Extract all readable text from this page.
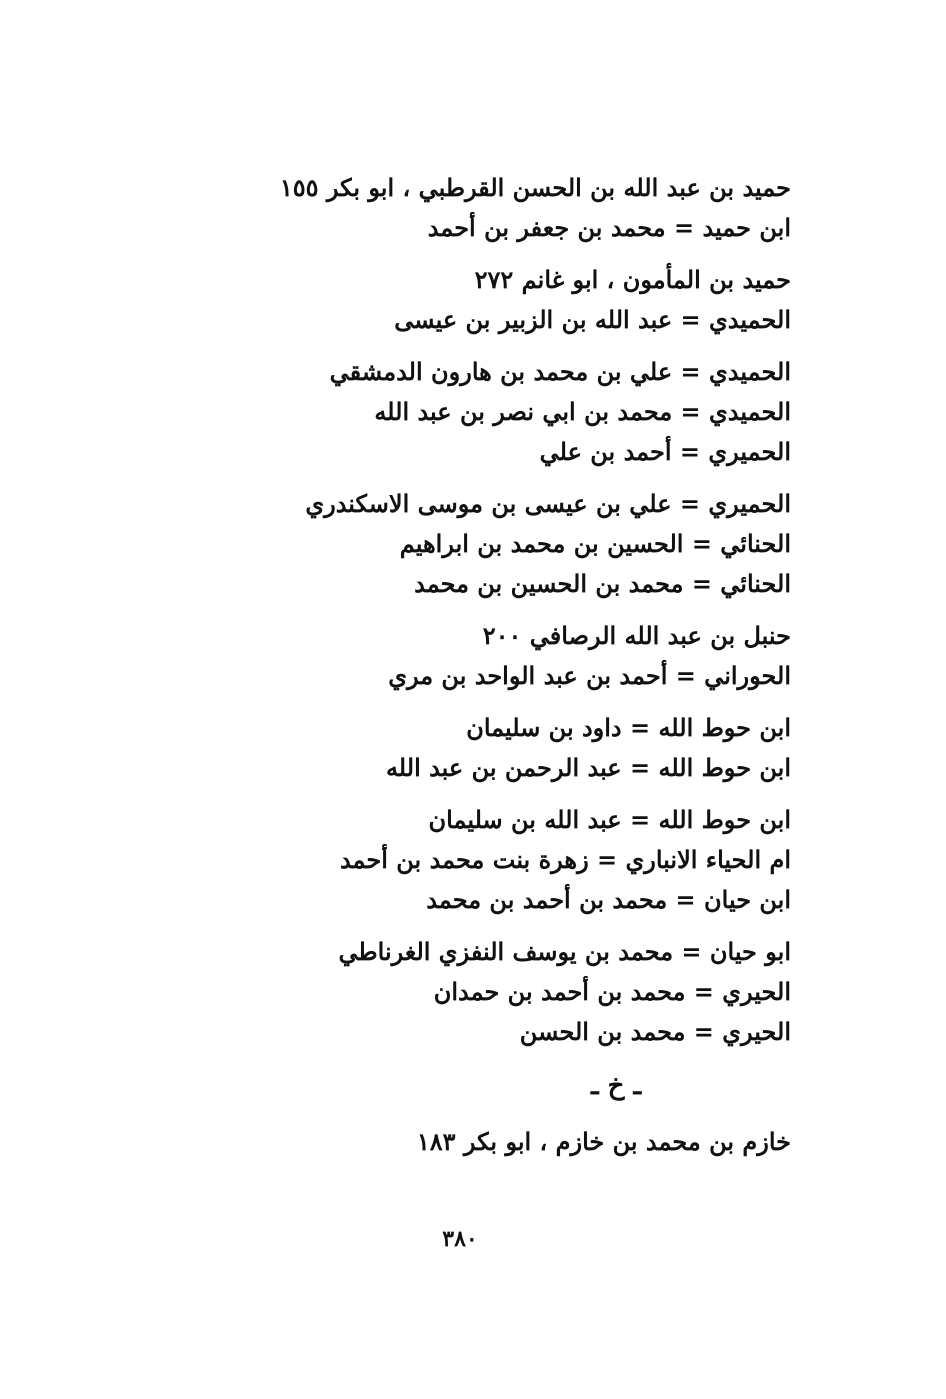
حميد بن عبد الله بن الحسن القرطبي ، ابو بكر ١٥٥
ابن حميد = محمد بن جعفر بن أحمد
حميد بن المأمون ، ابو غانم ٢٧٢
الحميدي = عبد الله بن الزبير بن عيسى
الحميدي = علي بن محمد بن هارون الدمشقي
الحميدي = محمد بن ابي نصر بن عبد الله
الحميري = أحمد بن علي
الحميري = علي بن عيسى بن موسى الاسكندري
الحنائي = الحسين بن محمد بن ابراهيم
الحنائي = محمد بن الحسين بن محمد
حنبل بن عبد الله الرصافي ٢٠٠
الحوراني = أحمد بن عبد الواحد بن مري
ابن حوط الله = داود بن سليمان
ابن حوط الله = عبد الرحمن بن عبد الله
ابن حوط الله = عبد الله بن سليمان
ام الحياء الانباري = زهرة بنت محمد بن أحمد
ابن حيان = محمد بن أحمد بن محمد
ابو حيان = محمد بن يوسف النفزي الغرناطي
الحيري = محمد بن أحمد بن حمدان
الحيري = محمد بن الحسن
ـ خ ـ
خازم بن محمد بن خازم ، ابو بكر ١٨٣
٣٨٠
